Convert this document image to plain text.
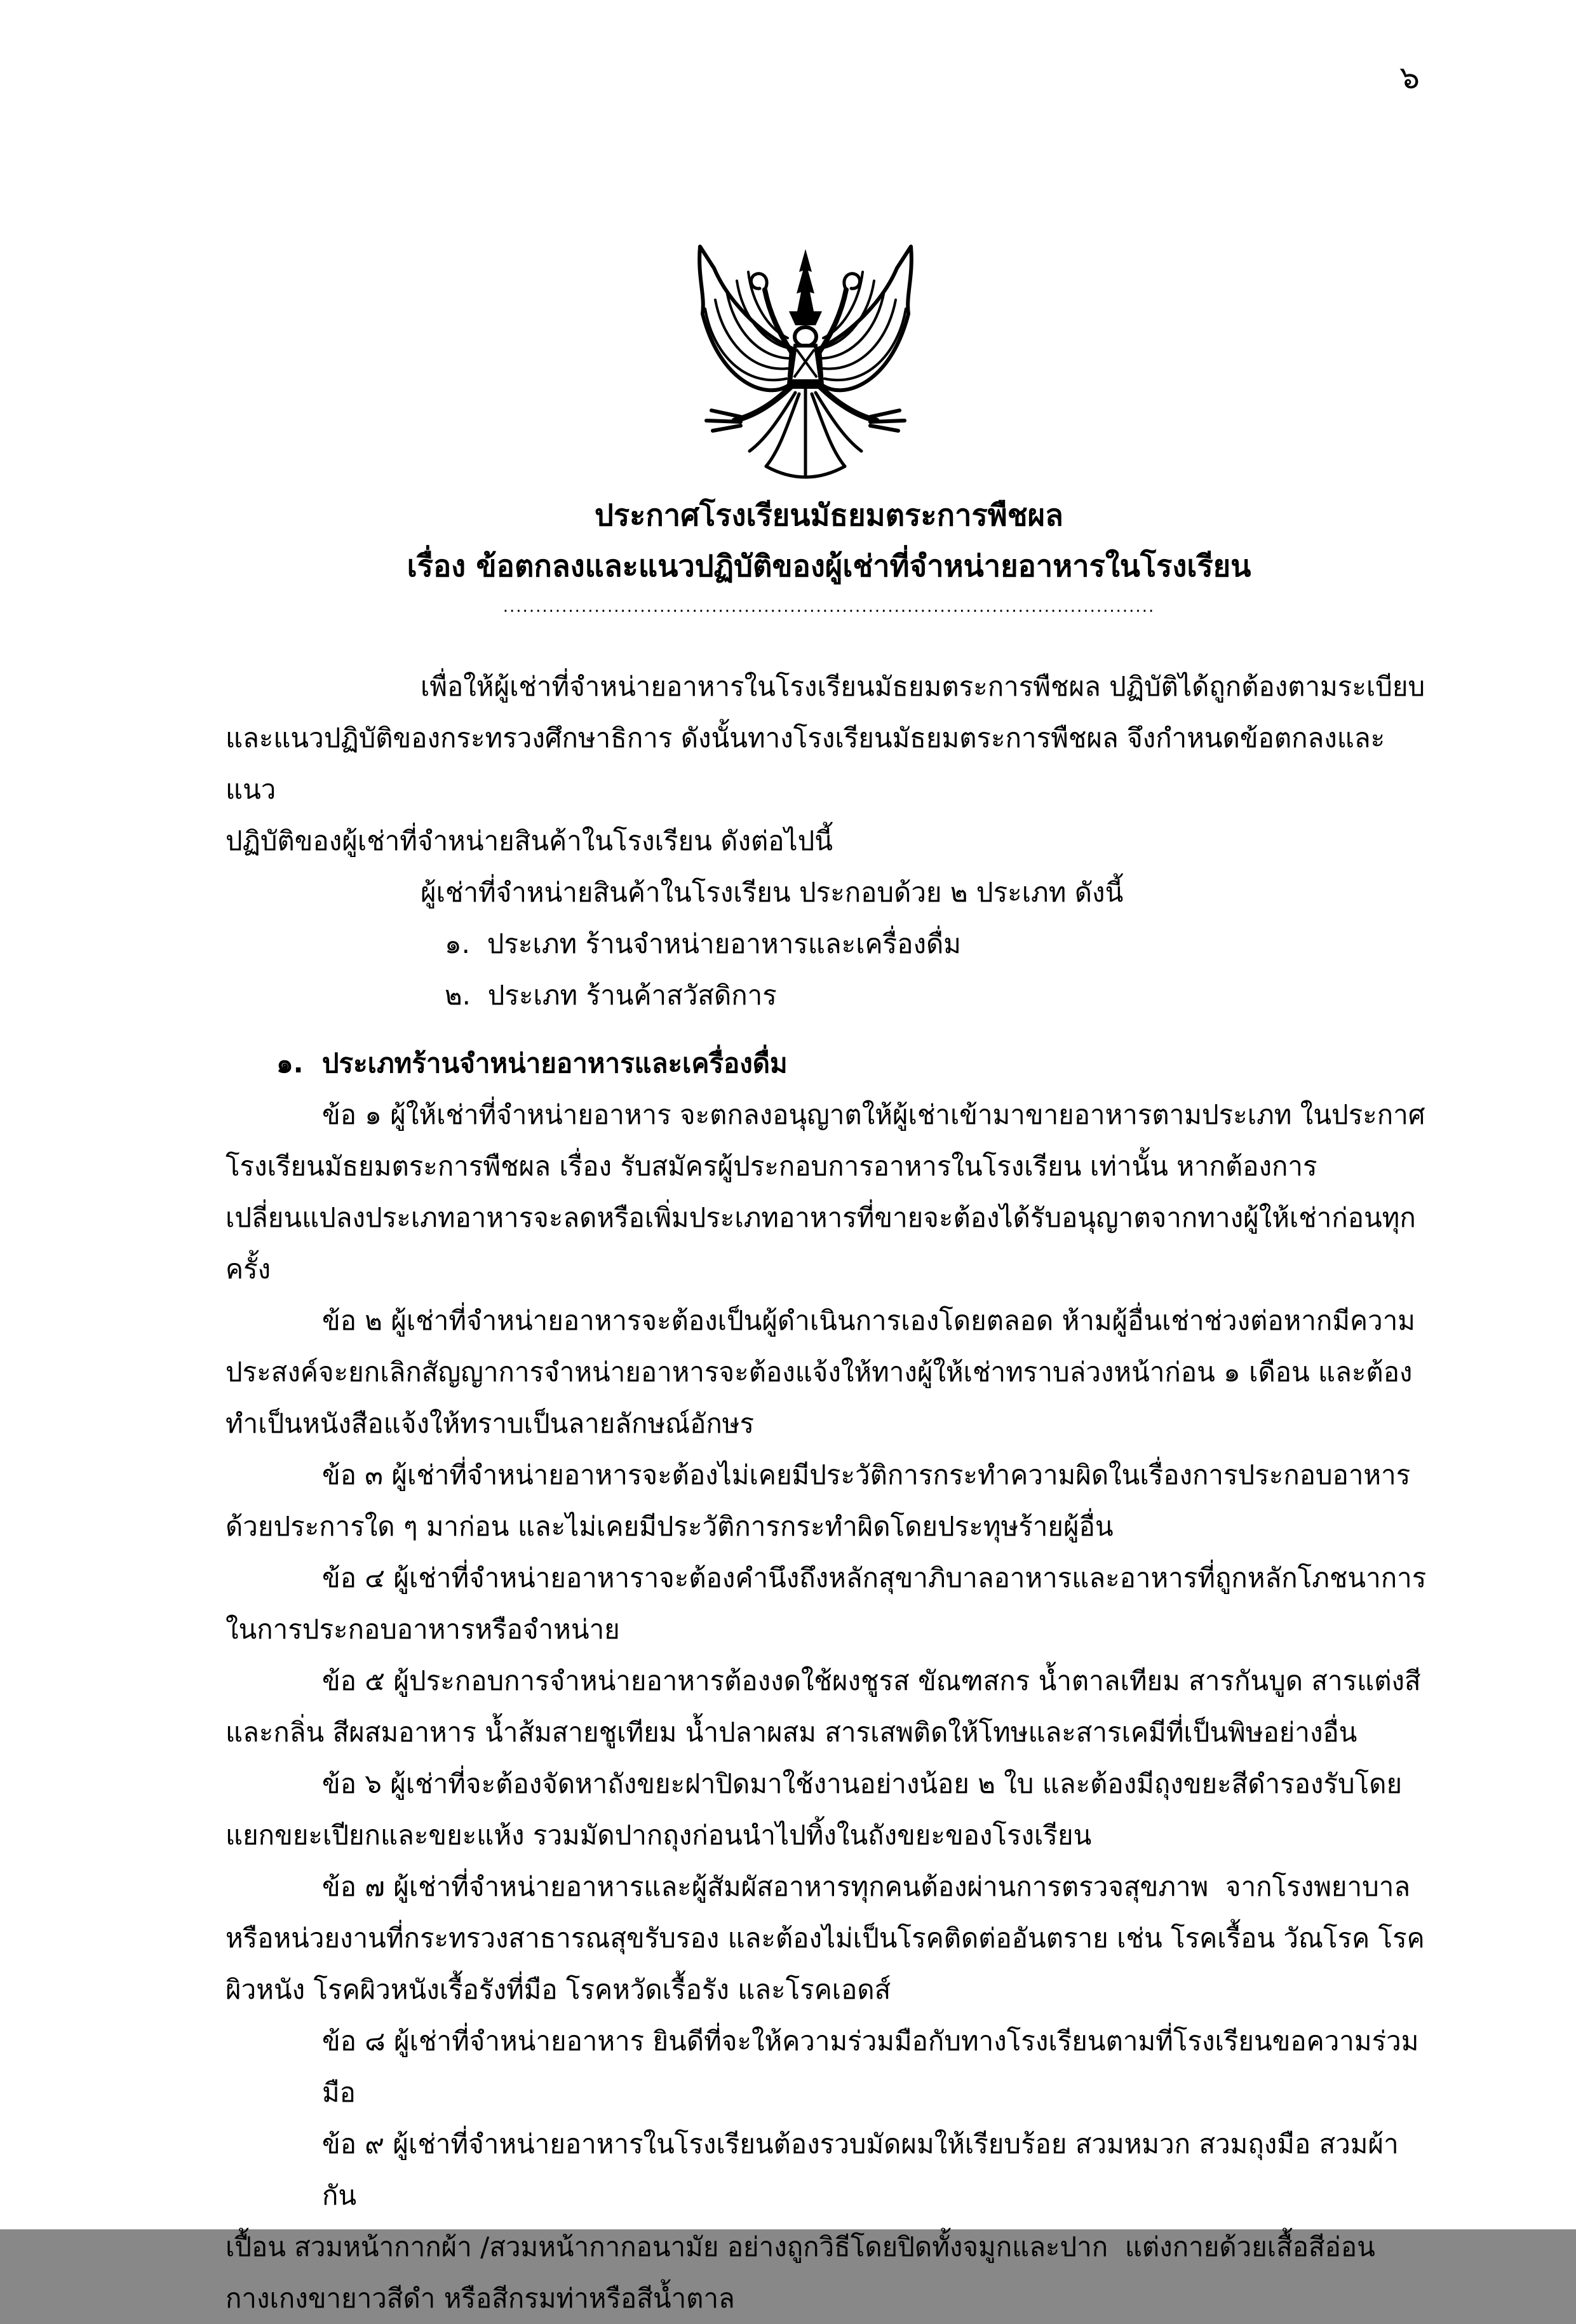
๖
ประกาศโรงเรียนมัธยมตระการพืชผล
เรื่อง ข้อตกลงและแนวปฏิบัติของผู้เช่าที่จำหน่ายอาหารในโรงเรียน
....................................................................................................
เพื่อให้ผู้เช่าที่จำหน่ายอาหารในโรงเรียนมัธยมตระการพืชผล ปฏิบัติได้ถูกต้องตามระเบียบ
และแนวปฏิบัติของกระทรวงศึกษาธิการ ดังนั้นทางโรงเรียนมัธยมตระการพืชผล จึงกำหนดข้อตกลงและแนว
ปฏิบัติของผู้เช่าที่จำหน่ายสินค้าในโรงเรียน ดังต่อไปนี้
ผู้เช่าที่จำหน่ายสินค้าในโรงเรียน ประกอบด้วย ๒ ประเภท ดังนี้
๑.  ประเภท ร้านจำหน่ายอาหารและเครื่องดื่ม
๒.  ประเภท ร้านค้าสวัสดิการ
๑.  ประเภทร้านจำหน่ายอาหารและเครื่องดื่ม
ข้อ ๑ ผู้ให้เช่าที่จำหน่ายอาหาร จะตกลงอนุญาตให้ผู้เช่าเข้ามาขายอาหารตามประเภท ในประกาศ
โรงเรียนมัธยมตระการพืชผล เรื่อง รับสมัครผู้ประกอบการอาหารในโรงเรียน เท่านั้น หากต้องการ
เปลี่ยนแปลงประเภทอาหารจะลดหรือเพิ่มประเภทอาหารที่ขายจะต้องได้รับอนุญาตจากทางผู้ให้เช่าก่อนทุก
ครั้ง
ข้อ ๒ ผู้เช่าที่จำหน่ายอาหารจะต้องเป็นผู้ดำเนินการเองโดยตลอด ห้ามผู้อื่นเช่าช่วงต่อหากมีความ
ประสงค์จะยกเลิกสัญญาการจำหน่ายอาหารจะต้องแจ้งให้ทางผู้ให้เช่าทราบล่วงหน้าก่อน ๑ เดือน และต้อง
ทำเป็นหนังสือแจ้งให้ทราบเป็นลายลักษณ์อักษร
ข้อ ๓ ผู้เช่าที่จำหน่ายอาหารจะต้องไม่เคยมีประวัติการกระทำความผิดในเรื่องการประกอบอาหาร
ด้วยประการใด ๆ มาก่อน และไม่เคยมีประวัติการกระทำผิดโดยประทุษร้ายผู้อื่น
ข้อ ๔ ผู้เช่าที่จำหน่ายอาหาราจะต้องคำนึงถึงหลักสุขาภิบาลอาหารและอาหารที่ถูกหลักโภชนาการ
ในการประกอบอาหารหรือจำหน่าย
ข้อ ๕ ผู้ประกอบการจำหน่ายอาหารต้องงดใช้ผงชูรส ขัณฑสกร น้ำตาลเทียม สารกันบูด สารแต่งสี
และกลิ่น สีผสมอาหาร น้ำส้มสายชูเทียม น้ำปลาผสม สารเสพติดให้โทษและสารเคมีที่เป็นพิษอย่างอื่น
ข้อ ๖ ผู้เช่าที่จะต้องจัดหาถังขยะฝาปิดมาใช้งานอย่างน้อย ๒ ใบ และต้องมีถุงขยะสีดำรองรับโดย
แยกขยะเปียกและขยะแห้ง รวมมัดปากถุงก่อนนำไปทิ้งในถังขยะของโรงเรียน
ข้อ ๗ ผู้เช่าที่จำหน่ายอาหารและผู้สัมผัสอาหารทุกคนต้องผ่านการตรวจสุขภาพ  จากโรงพยาบาล
หรือหน่วยงานที่กระทรวงสาธารณสุขรับรอง และต้องไม่เป็นโรคติดต่ออันตราย เช่น โรคเรื้อน วัณโรค โรค
ผิวหนัง โรคผิวหนังเรื้อรังที่มือ โรคหวัดเรื้อรัง และโรคเอดส์
ข้อ ๘ ผู้เช่าที่จำหน่ายอาหาร ยินดีที่จะให้ความร่วมมือกับทางโรงเรียนตามที่โรงเรียนขอความร่วมมือ
ข้อ ๙ ผู้เช่าที่จำหน่ายอาหารในโรงเรียนต้องรวบมัดผมให้เรียบร้อย สวมหมวก สวมถุงมือ สวมผ้ากัน
เปื้อน สวมหน้ากากผ้า /สวมหน้ากากอนามัย อย่างถูกวิธีโดยปิดทั้งจมูกและปาก  แต่งกายด้วยเสื้อสีอ่อน
กางเกงขายาวสีดำ หรือสีกรมท่าหรือสีน้ำตาล
